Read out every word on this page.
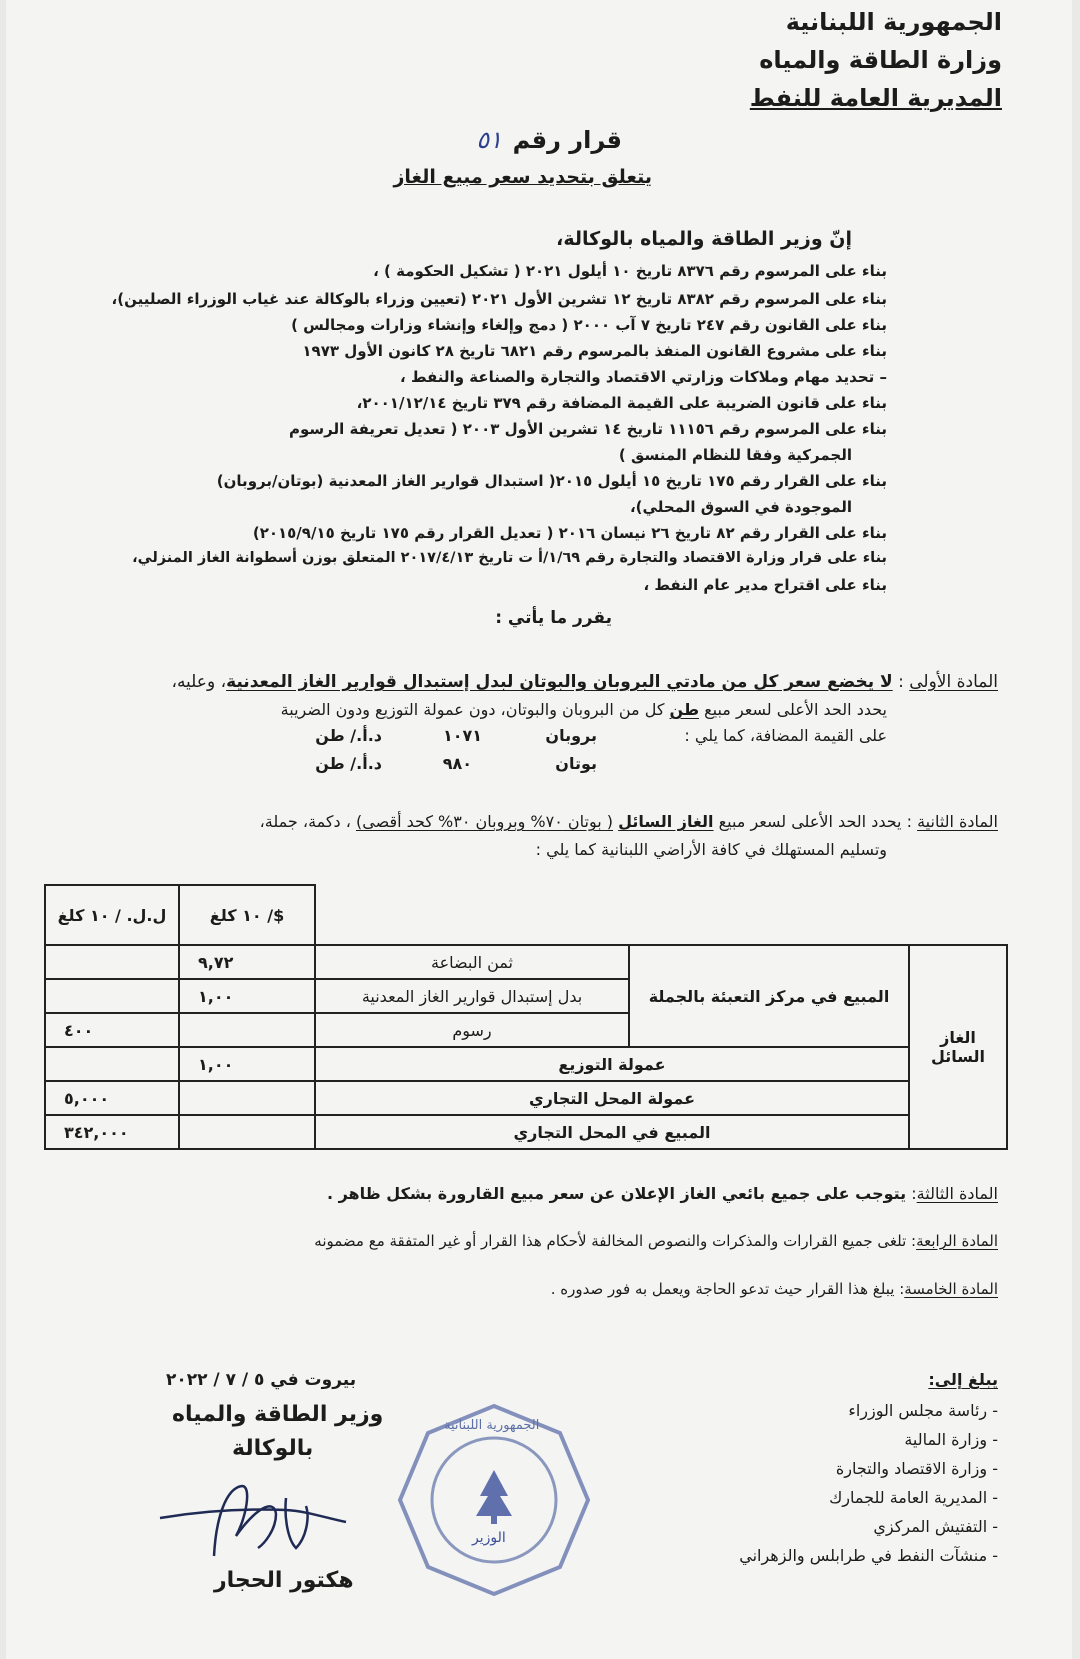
الجمهورية اللبنانية
وزارة الطاقة والمياه
المديرية العامة للنفط
قرار رقم
٥١
يتعلق بتحديد سعر مبيع الغاز
إنّ وزير الطاقة والمياه بالوكالة،
بناء على المرسوم رقم ٨٣٧٦ تاريخ ١٠ أيلول ٢٠٢١ ( تشكيل الحكومة ) ،
بناء على المرسوم رقم ٨٣٨٢ تاريخ ١٢ تشرين الأول ٢٠٢١ (تعيين وزراء بالوكالة عند غياب الوزراء الصليين)،
بناء على القانون رقم ٢٤٧ تاريخ ٧ آب ٢٠٠٠ ( دمج وإلغاء وإنشاء وزارات ومجالس )
بناء على مشروع القانون المنفذ بالمرسوم رقم ٦٨٢١ تاريخ ٢٨ كانون الأول ١٩٧٣
– تحديد مهام وملاكات وزارتي الاقتصاد والتجارة والصناعة والنفط ،
بناء على قانون الضريبة على القيمة المضافة رقم ٣٧٩ تاريخ ٢٠٠١/١٢/١٤،
بناء على المرسوم رقم ١١١٥٦ تاريخ ١٤ تشرين الأول ٢٠٠٣ ( تعديل تعريفة الرسوم
الجمركية وفقا للنظام المنسق )
بناء على القرار رقم ١٧٥ تاريخ ١٥ أيلول ٢٠١٥( استبدال قوارير الغاز المعدنية (بوتان/بروبان)
الموجودة في السوق المحلي)،
بناء على القرار رقم ٨٢ تاريخ ٢٦ نيسان ٢٠١٦ ( تعديل القرار رقم ١٧٥ تاريخ ٢٠١٥/٩/١٥)
بناء على قرار وزارة الاقتصاد والتجارة رقم ١/٦٩/أ ت تاريخ ٢٠١٧/٤/١٣ المتعلق بوزن أسطوانة الغاز المنزلي،
بناء على اقتراح مدير عام النفط ،
يقرر ما يأتي :
المادة الأولى : لا يخضع سعر كل من مادتي البروبان والبوتان لبدل إستبدال قوارير الغاز المعدنية، وعليه،
يحدد الحد الأعلى لسعر مبيع طن كل من البروبان والبوتان، دون عمولة التوزيع ودون الضريبة
على القيمة المضافة، كما يلي :
بروبان
١٠٧١
د.أ./ طن
بوتان
٩٨٠
د.أ./ طن
المادة الثانية : يحدد الحد الأعلى لسعر مبيع الغاز السائل ( بوتان ٧٠% وبروبان ٣٠% كحد أقصى) ، دكمة، جملة،
وتسليم المستهلك في كافة الأراضي اللبنانية كما يلي :
			$/ ١٠ كلغ	ل.ل. / ١٠ كلغ
الغاز السائل	المبيع في مركز التعبئة بالجملة	ثمن البضاعة	٩,٧٢	
		بدل إستبدال قوارير الغاز المعدنية	١,٠٠	
		رسوم		٤٠٠
	عمولة التوزيع		١,٠٠	
	عمولة المحل التجاري			٥,٠٠٠
	المبيع في المحل التجاري			٣٤٢,٠٠٠
المادة الثالثة: يتوجب على جميع بائعي الغاز الإعلان عن سعر مبيع القارورة بشكل ظاهر .
المادة الرابعة: تلغى جميع القرارات والمذكرات والنصوص المخالفة لأحكام هذا القرار أو غير المتفقة مع مضمونه
المادة الخامسة: يبلغ هذا القرار حيث تدعو الحاجة ويعمل به فور صدوره .
يبلغ إلى:
- رئاسة مجلس الوزراء
- وزارة المالية
- وزارة الاقتصاد والتجارة
- المديرية العامة للجمارك
- التفتيش المركزي
- منشآت النفط في طرابلس والزهراني
الجمهورية اللبنانية
الوزير
بيروت في ٥ / ٧ / ٢٠٢٢
وزير الطاقة والمياه
بالوكالة
هكتور الحجار
